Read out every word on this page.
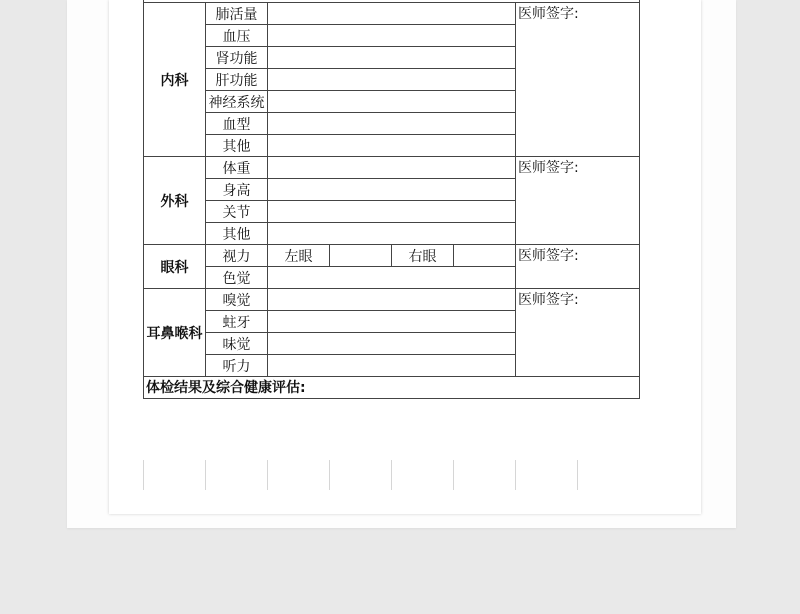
内科	肺活量					医师签字:
	血压					
	肾功能					
	肝功能					
	神经系统					
	血型					
	其他					
外科	体重					医师签字:
	身高					
	关节					
	其他					
眼科	视力	左眼		右眼		医师签字:
	色觉					
耳鼻喉科	嗅觉					医师签字:
	蛀牙					
	味觉					
	听力					
体检结果及综合健康评估:						
